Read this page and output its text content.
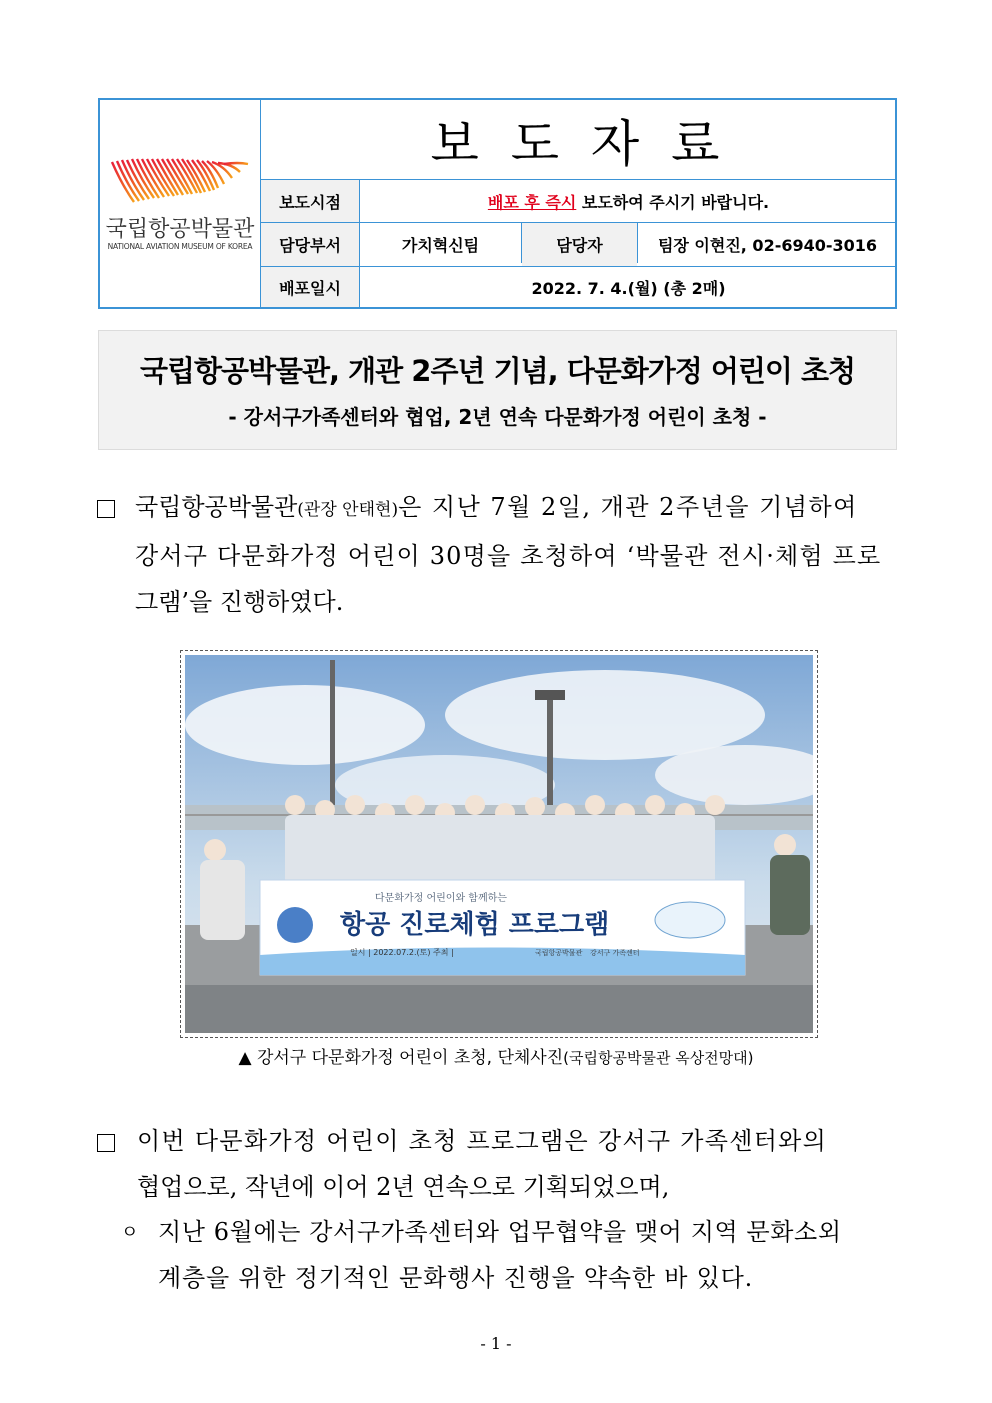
국립항공박물관
NATIONAL AVIATION MUSEUM OF KOREA
보 도 자 료
보도시점	배포 후 즉시 보도하여 주시기 바랍니다.
담당부서	가치혁신팀	담당자	팀장 이현진, 02-6940-3016
배포일시	2022. 7. 4.(월) (총 2매)
국립항공박물관, 개관 2주년 기념, 다문화가정 어린이 초청
- 강서구가족센터와 협업, 2년 연속 다문화가정 어린이 초청 -
국립항공박물관(관장 안태현)은 지난 7월 2일, 개관 2주년을 기념하여
강서구 다문화가정 어린이 30명을 초청하여 ‘박물관 전시·체험 프로
그램’을 진행하였다.
다문화가정 어린이와 함께하는
항공 진로체험 프로그램
일시 | 2022.07.2.(토) 주최 |	국립항공박물관 강서구 가족센터
▲ 강서구 다문화가정 어린이 초청, 단체사진(국립항공박물관 옥상전망대)
이번 다문화가정 어린이 초청 프로그램은 강서구 가족센터와의
협업으로, 작년에 이어 2년 연속으로 기획되었으며,
ㅇ 지난 6월에는 강서구가족센터와 업무협약을 맺어 지역 문화소외
계층을 위한 정기적인 문화행사 진행을 약속한 바 있다.
- 1 -
